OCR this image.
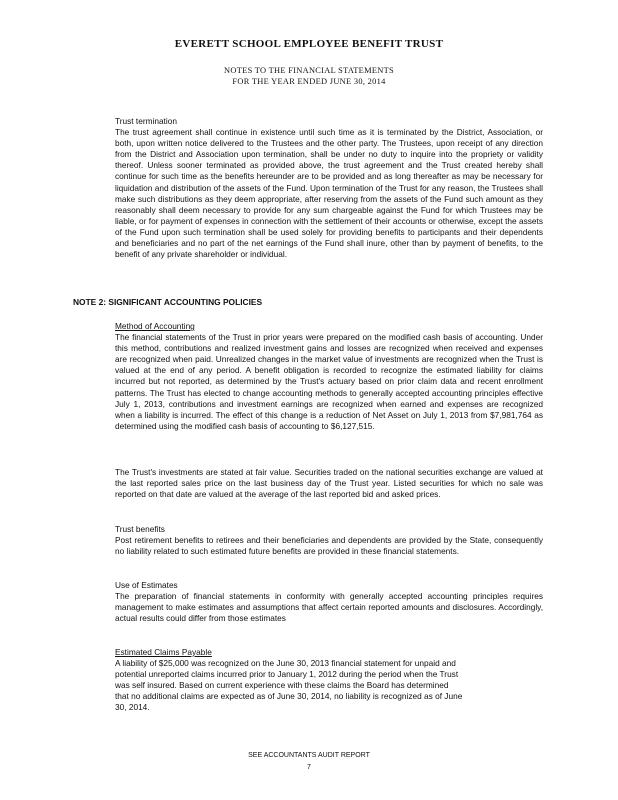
EVERETT SCHOOL EMPLOYEE BENEFIT TRUST
NOTES TO THE FINANCIAL STATEMENTS
FOR THE YEAR ENDED JUNE 30, 2014
Trust termination
The trust agreement shall continue in existence until such time as it is terminated by the District, Association, or both, upon written notice delivered to the Trustees and the other party. The Trustees, upon receipt of any direction from the District and Association upon termination, shall be under no duty to inquire into the propriety or validity thereof. Unless sooner terminated as provided above, the trust agreement and the Trust created hereby shall continue for such time as the benefits hereunder are to be provided and as long thereafter as may be necessary for liquidation and distribution of the assets of the Fund. Upon termination of the Trust for any reason, the Trustees shall make such distributions as they deem appropriate, after reserving from the assets of the Fund such amount as they reasonably shall deem necessary to provide for any sum chargeable against the Fund for which Trustees may be liable, or for payment of expenses in connection with the settlement of their accounts or otherwise, except the assets of the Fund upon such termination shall be used solely for providing benefits to participants and their dependents and beneficiaries and no part of the net earnings of the Fund shall inure, other than by payment of benefits, to the benefit of any private shareholder or individual.
NOTE 2: SIGNIFICANT ACCOUNTING POLICIES
Method of Accounting
The financial statements of the Trust in prior years were prepared on the modified cash basis of accounting. Under this method, contributions and realized investment gains and losses are recognized when received and expenses are recognized when paid. Unrealized changes in the market value of investments are recognized when the Trust is valued at the end of any period. A benefit obligation is recorded to recognize the estimated liability for claims incurred but not reported, as determined by the Trust's actuary based on prior claim data and recent enrollment patterns. The Trust has elected to change accounting methods to generally accepted accounting principles effective July 1, 2013, contributions and investment earnings are recognized when earned and expenses are recognized when a liability is incurred. The effect of this change is a reduction of Net Asset on July 1, 2013 from $7,981,764 as determined using the modified cash basis of accounting to $6,127,515.
The Trust's investments are stated at fair value. Securities traded on the national securities exchange are valued at the last reported sales price on the last business day of the Trust year. Listed securities for which no sale was reported on that date are valued at the average of the last reported bid and asked prices.
Trust benefits
Post retirement benefits to retirees and their beneficiaries and dependents are provided by the State, consequently no liability related to such estimated future benefits are provided in these financial statements.
Use of Estimates
The preparation of financial statements in conformity with generally accepted accounting principles requires management to make estimates and assumptions that affect certain reported amounts and disclosures. Accordingly, actual results could differ from those estimates
Estimated Claims Payable
A liability of $25,000 was recognized on the June 30, 2013 financial statement for unpaid and
potential unreported claims incurred prior to January 1, 2012 during the period when the Trust
was self insured. Based on current experience with these claims the Board has determined
that no additional claims are expected as of June 30, 2014, no liability is recognized as of June
30, 2014.
SEE ACCOUNTANTS AUDIT REPORT
7
